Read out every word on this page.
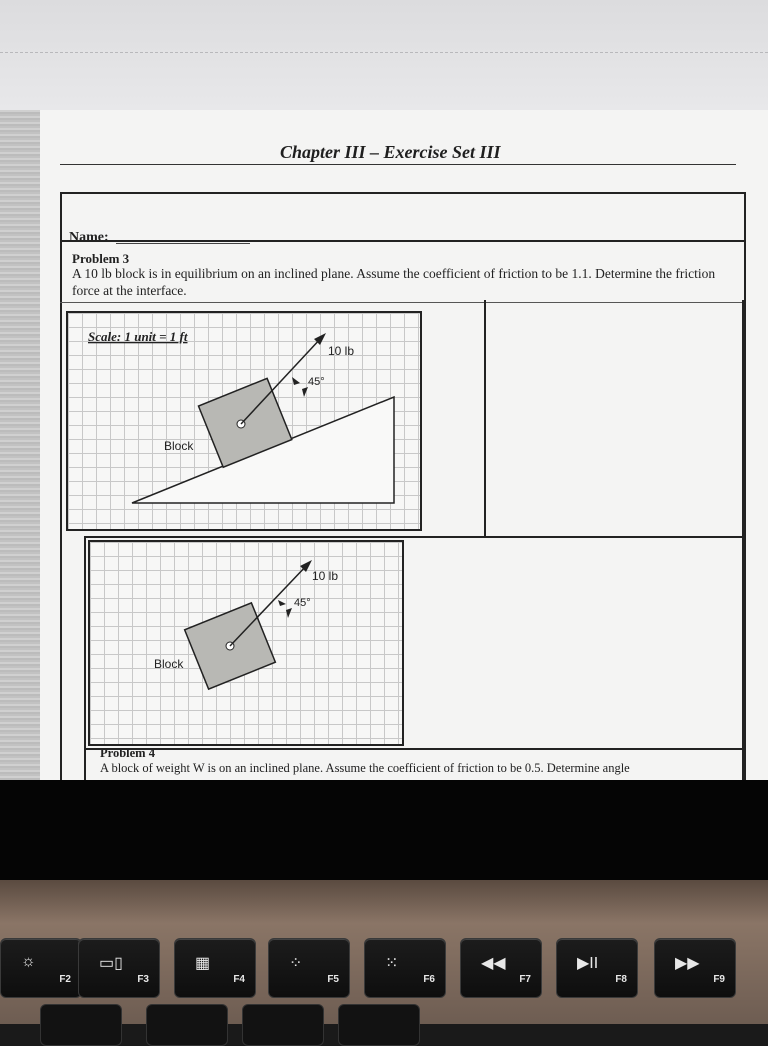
Chapter III – Exercise Set III
Name:
Problem 3
A 10 lb block is in equilibrium on an inclined plane. Assume the coefficient of friction to be 1.1. Determine the friction force at the interface.
Scale: 1 unit = 1 ft
10 lb
45°
Block
10 lb
45°
Block
Problem 4
A block of weight W is on an inclined plane. Assume the coefficient of friction to be 0.5. Determine angle
☼
F2
▭▯
F3
▦
F4
⁘
F5
⁙
F6
◀◀
F7
▶II
F8
▶▶
F9
